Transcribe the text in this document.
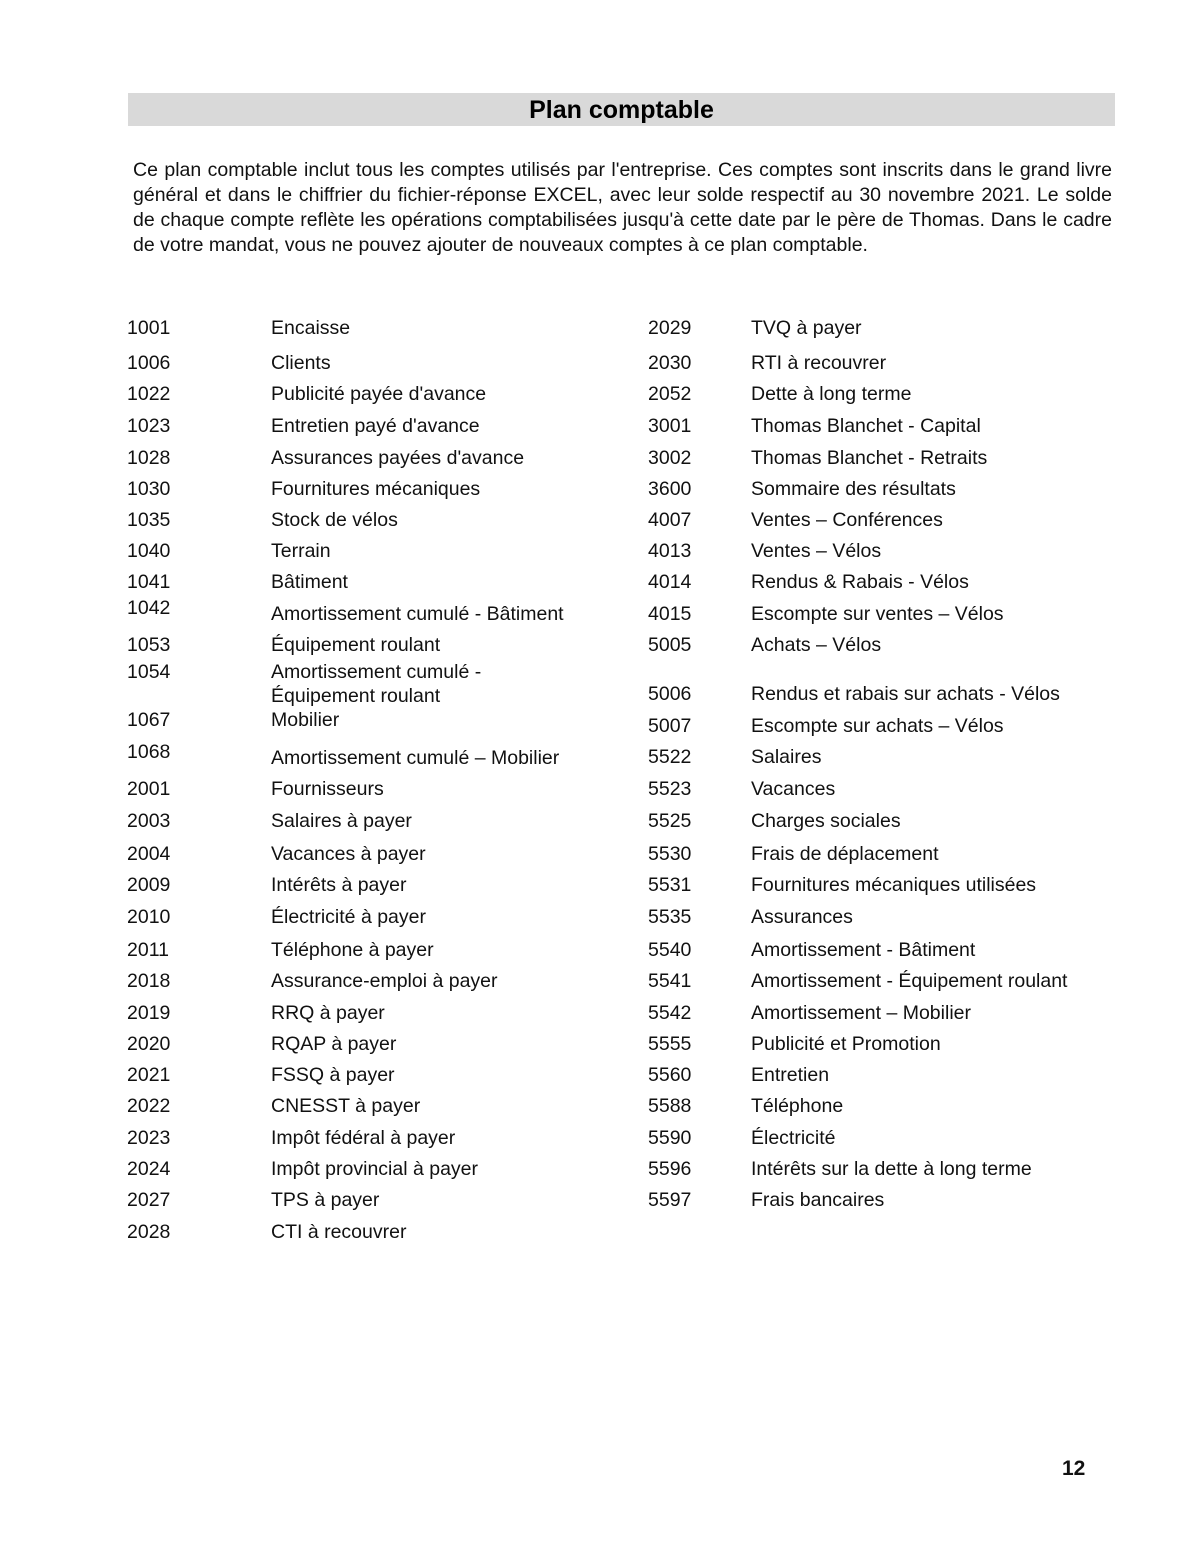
Plan comptable
Ce plan comptable inclut tous les comptes utilisés par l'entreprise. Ces comptes sont inscrits dans le grand livre général et dans le chiffrier du fichier-réponse EXCEL, avec leur solde respectif au 30 novembre 2021. Le solde de chaque compte reflète les opérations comptabilisées jusqu'à cette date par le père de Thomas. Dans le cadre de votre mandat, vous ne pouvez ajouter de nouveaux comptes à ce plan comptable.
1001	Encaisse
1006	Clients
1022	Publicité payée d'avance
1023	Entretien payé d'avance
1028	Assurances payées d'avance
1030	Fournitures mécaniques
1035	Stock de vélos
1040	Terrain
1041	Bâtiment
1042	Amortissement cumulé - Bâtiment
1053	Équipement roulant
1054	Amortissement cumulé -
Équipement roulant
1067	Mobilier
1068	Amortissement cumulé – Mobilier
2001	Fournisseurs
2003	Salaires à payer
2004	Vacances à payer
2009	Intérêts à payer
2010	Électricité à payer
2011	Téléphone à payer
2018	Assurance-emploi à payer
2019	RRQ à payer
2020	RQAP à payer
2021	FSSQ à payer
2022	CNESST à payer
2023	Impôt fédéral à payer
2024	Impôt provincial à payer
2027	TPS à payer
2028	CTI à recouvrer
2029	TVQ à payer
2030	RTI à recouvrer
2052	Dette à long terme
3001	Thomas Blanchet - Capital
3002	Thomas Blanchet - Retraits
3600	Sommaire des résultats
4007	Ventes – Conférences
4013	Ventes – Vélos
4014	Rendus & Rabais - Vélos
4015	Escompte sur ventes – Vélos
5005	Achats – Vélos
5006	Rendus et rabais sur achats - Vélos
5007	Escompte sur achats – Vélos
5522	Salaires
5523	Vacances
5525	Charges sociales
5530	Frais de déplacement
5531	Fournitures mécaniques utilisées
5535	Assurances
5540	Amortissement - Bâtiment
5541	Amortissement - Équipement roulant
5542	Amortissement – Mobilier
5555	Publicité et Promotion
5560	Entretien
5588	Téléphone
5590	Électricité
5596	Intérêts sur la dette à long terme
5597	Frais bancaires
12
